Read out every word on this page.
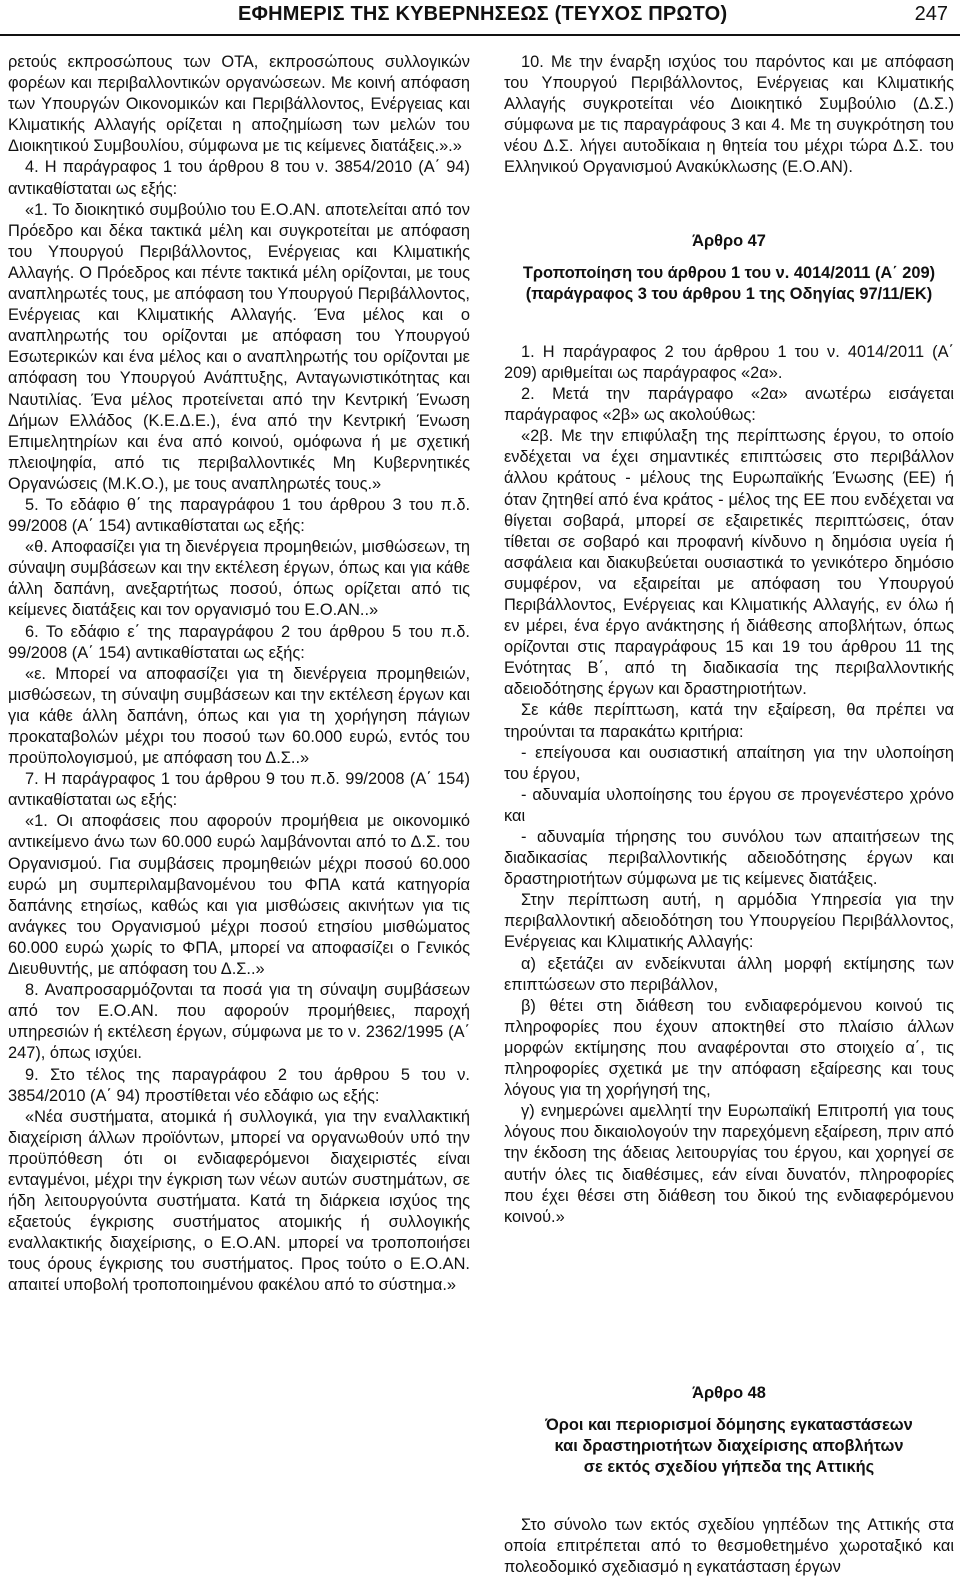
ΕΦΗΜΕΡΙΣ ΤΗΣ ΚΥΒΕΡΝΗΣΕΩΣ (ΤΕΥΧΟΣ ΠΡΩΤΟ)	247

ρετούς εκπροσώπους των ΟΤΑ, εκπροσώπους συλλογικών φορέων και περιβαλλοντικών οργανώσεων. Με κοινή απόφαση των Υπουργών Οικονομικών και Περιβάλλοντος, Ενέργειας και Κλιματικής Αλλαγής ορίζεται η αποζημίωση των μελών του Διοικητικού Συμβουλίου, σύμφωνα με τις κείμενες διατάξεις.».»

4. Η παράγραφος 1 του άρθρου 8 του ν. 3854/2010 (Α΄ 94) αντικαθίσταται ως εξής:

«1. Το διοικητικό συμβούλιο του Ε.Ο.ΑΝ. αποτελείται από τον Πρόεδρο και δέκα τακτικά μέλη και συγκροτείται με απόφαση του Υπουργού Περιβάλλοντος, Ενέργειας και Κλιματικής Αλλαγής. Ο Πρόεδρος και πέντε τακτικά μέλη ορίζονται, με τους αναπληρωτές τους, με απόφαση του Υπουργού Περιβάλλοντος, Ενέργειας και Κλιματικής Αλλαγής. Ένα μέλος και ο αναπληρωτής του ορίζονται με απόφαση του Υπουργού Εσωτερικών και ένα μέλος και ο αναπληρωτής του ορίζονται με απόφαση του Υπουργού Ανάπτυξης, Ανταγωνιστικότητας και Ναυτιλίας. Ένα μέλος προτείνεται από την Κεντρική Ένωση Δήμων Ελλάδος (Κ.Ε.Δ.Ε.), ένα από την Κεντρική Ένωση Επιμελητηρίων και ένα από κοινού, ομόφωνα ή με σχετική πλειοψηφία, από τις περιβαλλοντικές Μη Κυβερνητικές Οργανώσεις (Μ.Κ.Ο.), με τους αναπληρωτές τους.»

5. Το εδάφιο θ΄ της παραγράφου 1 του άρθρου 3 του π.δ. 99/2008 (Α΄ 154) αντικαθίσταται ως εξής:

«θ. Αποφασίζει για τη διενέργεια προμηθειών, μισθώσεων, τη σύναψη συμβάσεων και την εκτέλεση έργων, όπως και για κάθε άλλη δαπάνη, ανεξαρτήτως ποσού, όπως ορίζεται από τις κείμενες διατάξεις και τον οργανισμό του Ε.Ο.ΑΝ..»

6. Το εδάφιο ε΄ της παραγράφου 2 του άρθρου 5 του π.δ. 99/2008 (Α΄ 154) αντικαθίσταται ως εξής:

«ε. Μπορεί να αποφασίζει για τη διενέργεια προμηθειών, μισθώσεων, τη σύναψη συμβάσεων και την εκτέλεση έργων και για κάθε άλλη δαπάνη, όπως και για τη χορήγηση πάγιων προκαταβολών μέχρι του ποσού των 60.000 ευρώ, εντός του προϋπολογισμού, με απόφαση του Δ.Σ..»

7. Η παράγραφος 1 του άρθρου 9 του π.δ. 99/2008 (Α΄ 154) αντικαθίσταται ως εξής:

«1. Οι αποφάσεις που αφορούν προμήθεια με οικονομικό αντικείμενο άνω των 60.000 ευρώ λαμβάνονται από το Δ.Σ. του Οργανισμού. Για συμβάσεις προμηθειών μέχρι ποσού 60.000 ευρώ μη συμπεριλαμβανομένου του ΦΠΑ κατά κατηγορία δαπάνης ετησίως, καθώς και για μισθώσεις ακινήτων για τις ανάγκες του Οργανισμού μέχρι ποσού ετησίου μισθώματος 60.000 ευρώ χωρίς το ΦΠΑ, μπορεί να αποφασίζει ο Γενικός Διευθυντής, με απόφαση του Δ.Σ..»

8. Αναπροσαρμόζονται τα ποσά για τη σύναψη συμβάσεων από τον Ε.Ο.ΑΝ. που αφορούν προμήθειες, παροχή υπηρεσιών ή εκτέλεση έργων, σύμφωνα με το ν. 2362/1995 (Α΄ 247), όπως ισχύει.

9. Στο τέλος της παραγράφου 2 του άρθρου 5 του ν. 3854/2010 (Α΄ 94) προστίθεται νέο εδάφιο ως εξής:

«Νέα συστήματα, ατομικά ή συλλογικά, για την εναλλακτική διαχείριση άλλων προϊόντων, μπορεί να οργανωθούν υπό την προϋπόθεση ότι οι ενδιαφερόμενοι διαχειριστές είναι ενταγμένοι, μέχρι την έγκριση των νέων αυτών συστημάτων, σε ήδη λειτουργούντα συστήματα. Κατά τη διάρκεια ισχύος της εξαετούς έγκρισης συστήματος ατομικής ή συλλογικής εναλλακτικής διαχείρισης, ο Ε.Ο.ΑΝ. μπορεί να τροποποιήσει τους όρους έγκρισης του συστήματος. Προς τούτο ο Ε.Ο.ΑΝ. απαιτεί υποβολή τροποποιημένου φακέλου από το σύστημα.»

10. Με την έναρξη ισχύος του παρόντος και με απόφαση του Υπουργού Περιβάλλοντος, Ενέργειας και Κλιματικής Αλλαγής συγκροτείται νέο Διοικητικό Συμβούλιο (Δ.Σ.) σύμφωνα με τις παραγράφους 3 και 4. Με τη συγκρότηση του νέου Δ.Σ. λήγει αυτοδίκαια η θητεία του μέχρι τώρα Δ.Σ. του Ελληνικού Οργανισμού Ανακύκλωσης (Ε.Ο.ΑΝ).

Άρθρο 47

Τροποποίηση του άρθρου 1 του ν. 4014/2011 (Α΄ 209)

(παράγραφος 3 του άρθρου 1 της Οδηγίας 97/11/ΕΚ)

1. Η παράγραφος 2 του άρθρου 1 του ν. 4014/2011 (Α΄ 209) αριθμείται ως παράγραφος «2α».

2. Μετά την παράγραφο «2α» ανωτέρω εισάγεται παράγραφος «2β» ως ακολούθως:

«2β. Με την επιφύλαξη της περίπτωσης έργου, το οποίο ενδέχεται να έχει σημαντικές επιπτώσεις στο περιβάλλον άλλου κράτους - μέλους της Ευρωπαϊκής Ένωσης (ΕΕ) ή όταν ζητηθεί από ένα κράτος - μέλος της ΕΕ που ενδέχεται να θίγεται σοβαρά, μπορεί σε εξαιρετικές περιπτώσεις, όταν τίθεται σε σοβαρό και προφανή κίνδυνο η δημόσια υγεία ή ασφάλεια και διακυβεύεται ουσιαστικά το γενικότερο δημόσιο συμφέρον, να εξαιρείται με απόφαση του Υπουργού Περιβάλλοντος, Ενέργειας και Κλιματικής Αλλαγής, εν όλω ή εν μέρει, ένα έργο ανάκτησης ή διάθεσης αποβλήτων, όπως ορίζονται στις παραγράφους 15 και 19 του άρθρου 11 της Ενότητας Β΄, από τη διαδικασία της περιβαλλοντικής αδειοδότησης έργων και δραστηριοτήτων.

Σε κάθε περίπτωση, κατά την εξαίρεση, θα πρέπει να τηρούνται τα παρακάτω κριτήρια:

- επείγουσα και ουσιαστική απαίτηση για την υλοποίηση του έργου,

- αδυναμία υλοποίησης του έργου σε προγενέστερο χρόνο και

- αδυναμία τήρησης του συνόλου των απαιτήσεων της διαδικασίας περιβαλλοντικής αδειοδότησης έργων και δραστηριοτήτων σύμφωνα με τις κείμενες διατάξεις.

Στην περίπτωση αυτή, η αρμόδια Υπηρεσία για την περιβαλλοντική αδειοδότηση του Υπουργείου Περιβάλλοντος, Ενέργειας και Κλιματικής Αλλαγής:

α) εξετάζει αν ενδείκνυται άλλη μορφή εκτίμησης των επιπτώσεων στο περιβάλλον,

β) θέτει στη διάθεση του ενδιαφερόμενου κοινού τις πληροφορίες που έχουν αποκτηθεί στο πλαίσιο άλλων μορφών εκτίμησης που αναφέρονται στο στοιχείο α΄, τις πληροφορίες σχετικά με την απόφαση εξαίρεσης και τους λόγους για τη χορήγησή της,

γ) ενημερώνει αμελλητί την Ευρωπαϊκή Επιτροπή για τους λόγους που δικαιολογούν την παρεχόμενη εξαίρεση, πριν από την έκδοση της άδειας λειτουργίας του έργου, και χορηγεί σε αυτήν όλες τις διαθέσιμες, εάν είναι δυνατόν, πληροφορίες που έχει θέσει στη διάθεση του δικού της ενδιαφερόμενου κοινού.»

Άρθρο 48

Όροι και περιορισμοί δόμησης εγκαταστάσεων

και δραστηριοτήτων διαχείρισης αποβλήτων

σε εκτός σχεδίου γήπεδα της Αττικής

Στο σύνολο των εκτός σχεδίου γηπέδων της Αττικής στα οποία επιτρέπεται από το θεσμοθετημένο χωροταξικό και πολεοδομικό σχεδιασμό η εγκατάσταση έργων
